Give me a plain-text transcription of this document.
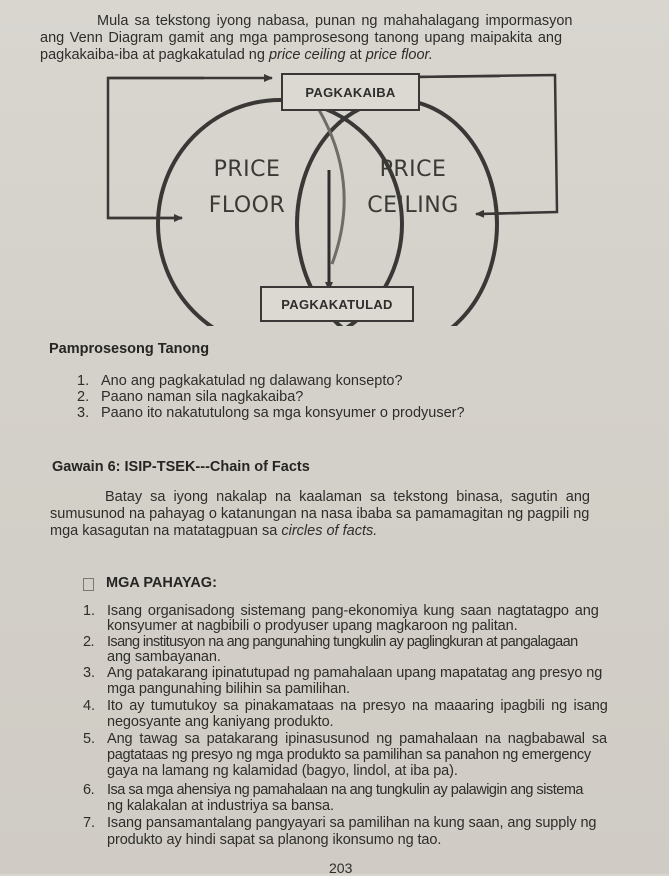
Mula sa tekstong iyong nabasa, punan ng mahahalagang impormasyon
ang Venn Diagram gamit ang mga pamprosesong tanong upang maipakita ang
pagkakaiba-iba at pagkakatulad ng price ceiling at price floor.
PAGKAKAIBA
PAGKAKATULAD
PRICE
FLOOR
PRICE
CEILING
Pamprosesong Tanong
1. Ano ang pagkakatulad ng dalawang konsepto?
2. Paano naman sila nagkakaiba?
3. Paano ito nakatutulong sa mga konsyumer o prodyuser?
Gawain 6: ISIP-TSEK---Chain of Facts
Batay sa iyong nakalap na kaalaman sa tekstong binasa, sagutin ang
sumusunod na pahayag o katanungan na nasa ibaba sa pamamagitan ng pagpili ng
mga kasagutan na matatagpuan sa circles of facts.
MGA PAHAYAG:
1. Isang organisadong sistemang pang-ekonomiya kung saan nagtatagpo ang
konsyumer at nagbibili o prodyuser upang magkaroon ng palitan.
2. Isang institusyon na ang pangunahing tungkulin ay paglingkuran at pangalagaan
ang sambayanan.
3. Ang patakarang ipinatutupad ng pamahalaan upang mapatatag ang presyo ng
mga pangunahing bilihin sa pamilihan.
4. Ito ay tumutukoy sa pinakamataas na presyo na maaaring ipagbili ng isang
negosyante ang kaniyang produkto.
5. Ang tawag sa patakarang ipinasusunod ng pamahalaan na nagbabawal sa
pagtataas ng presyo ng mga produkto sa pamilihan sa panahon ng emergency
gaya na lamang ng kalamidad (bagyo, lindol, at iba pa).
6. Isa sa mga ahensiya ng pamahalaan na ang tungkulin ay palawigin ang sistema
ng kalakalan at industriya sa bansa.
7. Isang pansamantalang pangyayari sa pamilihan na kung saan, ang supply ng
produkto ay hindi sapat sa planong ikonsumo ng tao.
203
